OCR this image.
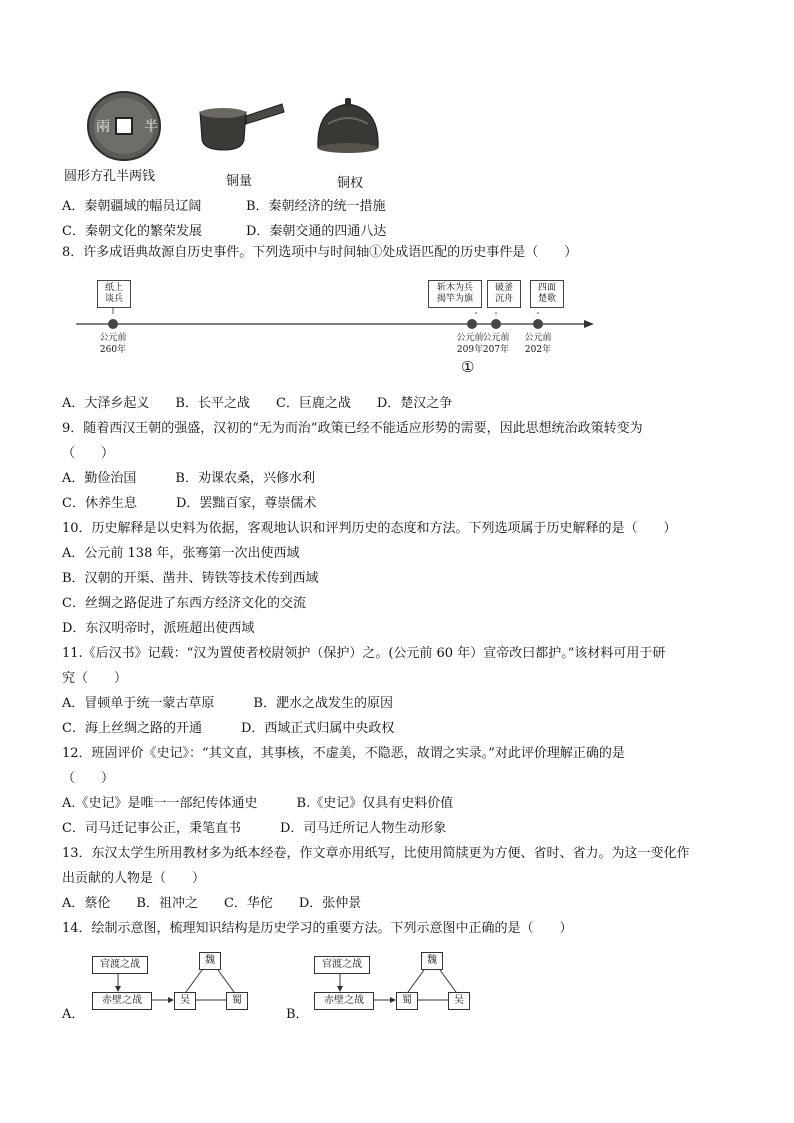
兩 半
圆形方孔半两钱	铜量	铜权
A．秦朝疆域的幅员辽阔	B．秦朝经济的统一措施
C．秦朝文化的繁荣发展	D．秦朝交通的四通八达
8．许多成语典故源自历史事件。下列选项中与时间轴①处成语匹配的历史事件是（　　）
纸上
谈兵
斩木为兵
揭竿为旗
破釜
沉舟
四面
楚歌
公元前
260年
公元前
209年
公元前
207年
公元前
202年
①
A．大泽乡起义　　B．长平之战　　C．巨鹿之战　　D．楚汉之争
9．随着西汉王朝的强盛，汉初的“无为而治”政策已经不能适应形势的需要，因此思想统治政策转变为
（　　）
A．勤俭治国　　　B．劝课农桑，兴修水利
C．休养生息　　　D．罢黜百家，尊崇儒术
10．历史解释是以史料为依据，客观地认识和评判历史的态度和方法。下列选项属于历史解释的是（　　）
A．公元前 138 年，张骞第一次出使西域
B．汉朝的开渠、凿井、铸铁等技术传到西域
C．丝绸之路促进了东西方经济文化的交流
D．东汉明帝时，派班超出使西域
11.《后汉书》记载：“汉为置使者校尉领护（保护）之。(公元前 60 年）宣帝改曰都护。”该材料可用于研
究（　　）
A．冒顿单于统一蒙古草原　　　B．淝水之战发生的原因
C．海上丝绸之路的开通　　　D．西域正式归属中央政权
12．班固评价《史记》：“其文直，其事核，不虚美，不隐恶，故谓之实录。”对此评价理解正确的是
（　　）
A.《史记》是唯一一部纪传体通史　　　B.《史记》仅具有史料价值
C．司马迁记事公正，秉笔直书　　　D．司马迁所记人物生动形象
13．东汉太学生所用教材多为纸本经卷，作文章亦用纸写，比使用简牍更为方便、省时、省力。为这一变化作
出贡献的人物是（　　）
A．蔡伦　　B．祖冲之　　C．华佗　　D．张仲景
14．绘制示意图，梳理知识结构是历史学习的重要方法。下列示意图中正确的是（　　）
A．
官渡之战
赤壁之战
魏
吴	蜀
B．
官渡之战
赤壁之战
魏
蜀	吴
